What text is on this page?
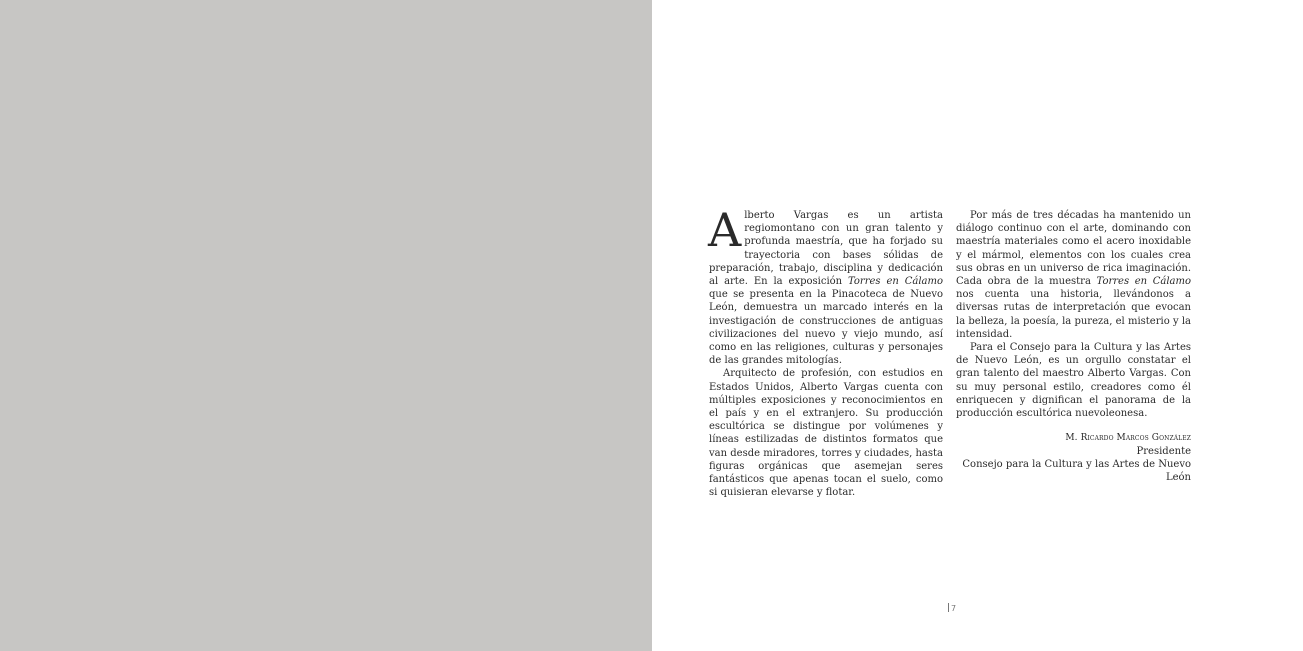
Alberto Vargas es un artista regiomontano con un gran talento y profunda maestría, que ha forjado su trayectoria con bases sólidas de preparación, trabajo, disciplina y dedicación al arte. En la exposición Torres en Cálamo que se presenta en la Pinacoteca de Nuevo León, demuestra un marcado interés en la investigación de construcciones de antiguas civilizaciones del nuevo y viejo mundo, así como en las religiones, culturas y personajes de las grandes mitologías.

Arquitecto de profesión, con estudios en Estados Unidos, Alberto Vargas cuenta con múltiples exposiciones y reconocimientos en el país y en el extranjero. Su producción escultórica se distingue por volúmenes y líneas estilizadas de distintos formatos que van desde miradores, torres y ciudades, hasta figuras orgánicas que asemejan seres fantásticos que apenas tocan el suelo, como si quisieran elevarse y flotar.

Por más de tres décadas ha mantenido un diálogo continuo con el arte, dominando con maestría materiales como el acero inoxidable y el mármol, elementos con los cuales crea sus obras en un universo de rica imaginación. Cada obra de la muestra Torres en Cálamo nos cuenta una historia, llevándonos a diversas rutas de interpretación que evocan la belleza, la poesía, la pureza, el misterio y la intensidad.

Para el Consejo para la Cultura y las Artes de Nuevo León, es un orgullo constatar el gran talento del maestro Alberto Vargas. Con su muy personal estilo, creadores como él enriquecen y dignifican el panorama de la producción escultórica nuevoleonesa.

M. Ricardo Marcos González
Presidente
Consejo para la Cultura y las Artes de Nuevo León
7
